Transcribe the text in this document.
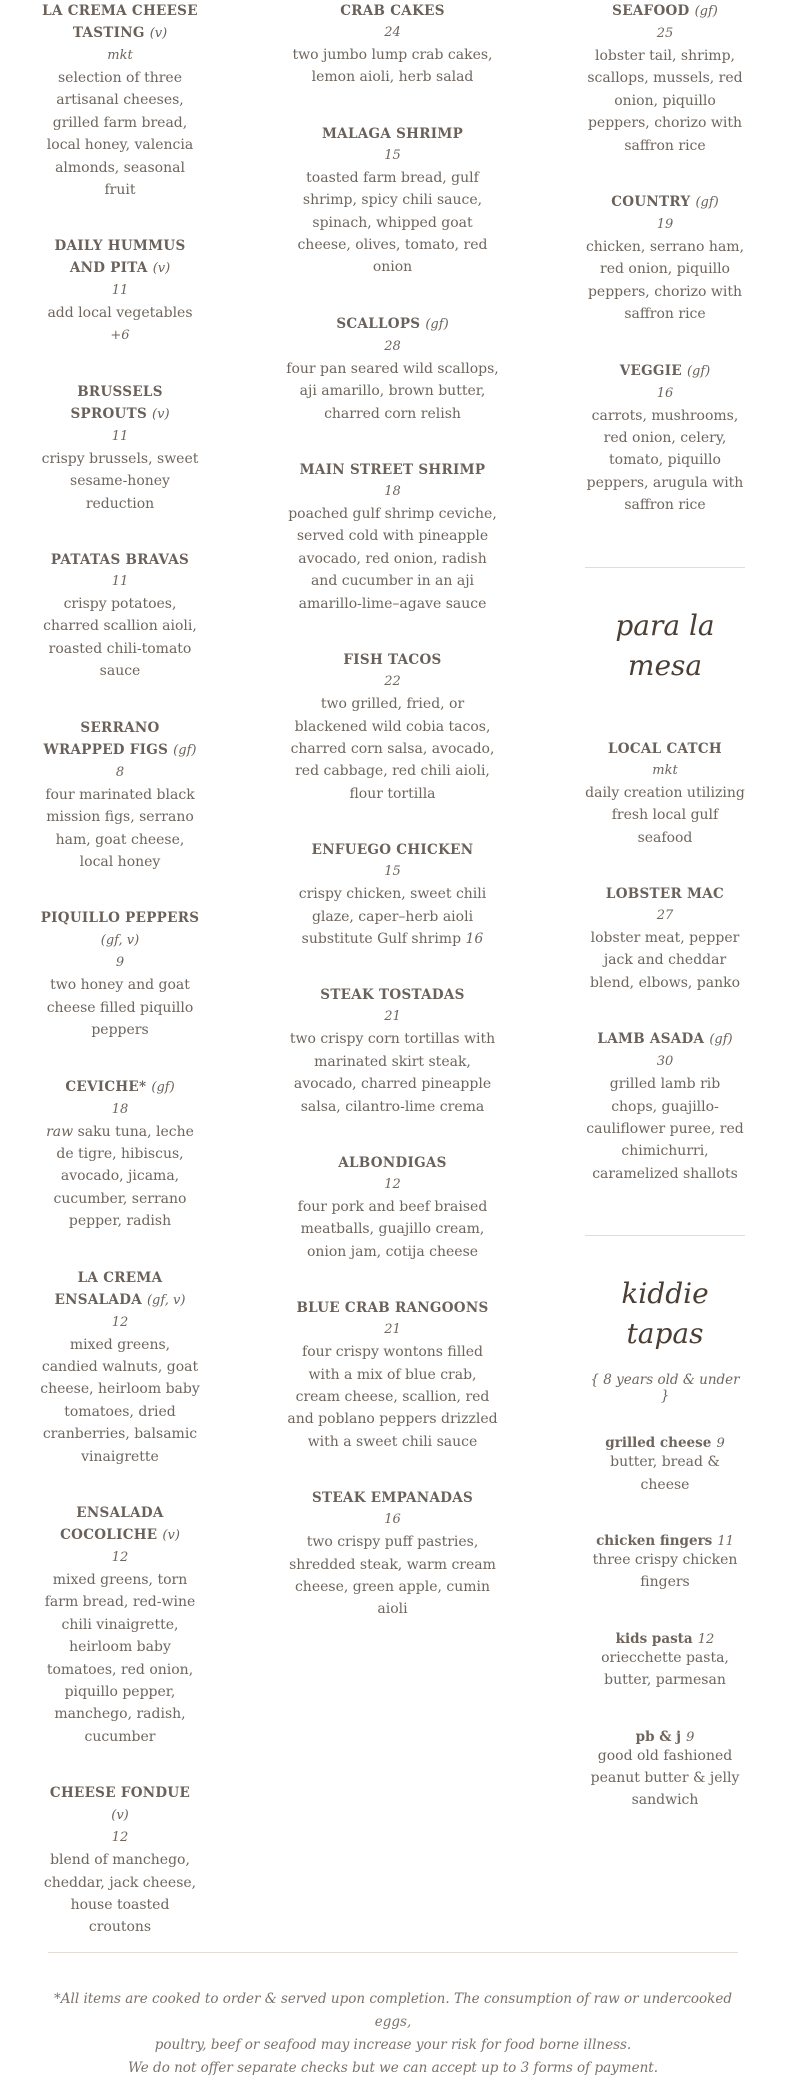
LA CREMA CHEESE TASTING (v)
mkt
selection of three artisanal cheeses, grilled farm bread, local honey, valencia almonds, seasonal fruit
DAILY HUMMUS AND PITA (v)
11
add local vegetables
+6
BRUSSELS SPROUTS (v)
11
crispy brussels, sweet sesame-honey reduction
PATATAS BRAVAS
11
crispy potatoes, charred scallion aioli, roasted chili-tomato sauce
SERRANO WRAPPED FIGS (gf)
8
four marinated black mission figs, serrano ham, goat cheese, local honey
PIQUILLO PEPPERS
(gf, v)
9
two honey and goat cheese filled piquillo peppers
CEVICHE* (gf)
18
raw saku tuna, leche de tigre, hibiscus, avocado, jicama, cucumber, serrano pepper, radish
LA CREMA ENSALADA (gf, v)
12
mixed greens, candied walnuts, goat cheese, heirloom baby tomatoes, dried cranberries, balsamic vinaigrette
ENSALADA COCOLICHE (v)
12
mixed greens, torn farm bread, red-wine chili vinaigrette, heirloom baby tomatoes, red onion, piquillo pepper, manchego, radish, cucumber
CHEESE FONDUE
(v)
12
blend of manchego, cheddar, jack cheese, house toasted croutons
CRAB CAKES
24
two jumbo lump crab cakes, lemon aioli, herb salad
MALAGA SHRIMP
15
toasted farm bread, gulf shrimp, spicy chili sauce, spinach, whipped goat cheese, olives, tomato, red onion
SCALLOPS (gf)
28
four pan seared wild scallops, aji amarillo, brown butter, charred corn relish
MAIN STREET SHRIMP
18
poached gulf shrimp ceviche, served cold with pineapple avocado, red onion, radish and cucumber in an aji amarillo-lime–agave sauce
FISH TACOS
22
two grilled, fried, or blackened wild cobia tacos, charred corn salsa, avocado, red cabbage, red chili aioli, flour tortilla
ENFUEGO CHICKEN
15
crispy chicken, sweet chili glaze, caper–herb aioli substitute Gulf shrimp 16
STEAK TOSTADAS
21
two crispy corn tortillas with marinated skirt steak, avocado, charred pineapple salsa, cilantro-lime crema
ALBONDIGAS
12
four pork and beef braised meatballs, guajillo cream, onion jam, cotija cheese
BLUE CRAB RANGOONS
21
four crispy wontons filled with a mix of blue crab, cream cheese, scallion, red and poblano peppers drizzled with a sweet chili sauce
STEAK EMPANADAS
16
two crispy puff pastries, shredded steak, warm cream cheese, green apple, cumin aioli
SEAFOOD (gf)
25
lobster tail, shrimp, scallops, mussels, red onion, piquillo peppers, chorizo with saffron rice
COUNTRY (gf)
19
chicken, serrano ham, red onion, piquillo peppers, chorizo with saffron rice
VEGGIE (gf)
16
carrots, mushrooms, red onion, celery, tomato, piquillo peppers, arugula with saffron rice
para la mesa
LOCAL CATCH
mkt
daily creation utilizing fresh local gulf seafood
LOBSTER MAC
27
lobster meat, pepper jack and cheddar blend, elbows, panko
LAMB ASADA (gf)
30
grilled lamb rib chops, guajillo-cauliflower puree, red chimichurri, caramelized shallots
kiddie tapas
{ 8 years old & under }
grilled cheese 9
butter, bread & cheese
chicken fingers 11
three crispy chicken fingers
kids pasta 12
oriecchette pasta, butter, parmesan
pb & j 9
good old fashioned peanut butter & jelly sandwich
*All items are cooked to order & served upon completion. The consumption of raw or undercooked eggs,
poultry, beef or seafood may increase your risk for food borne illness.
We do not offer separate checks but we can accept up to 3 forms of payment.
